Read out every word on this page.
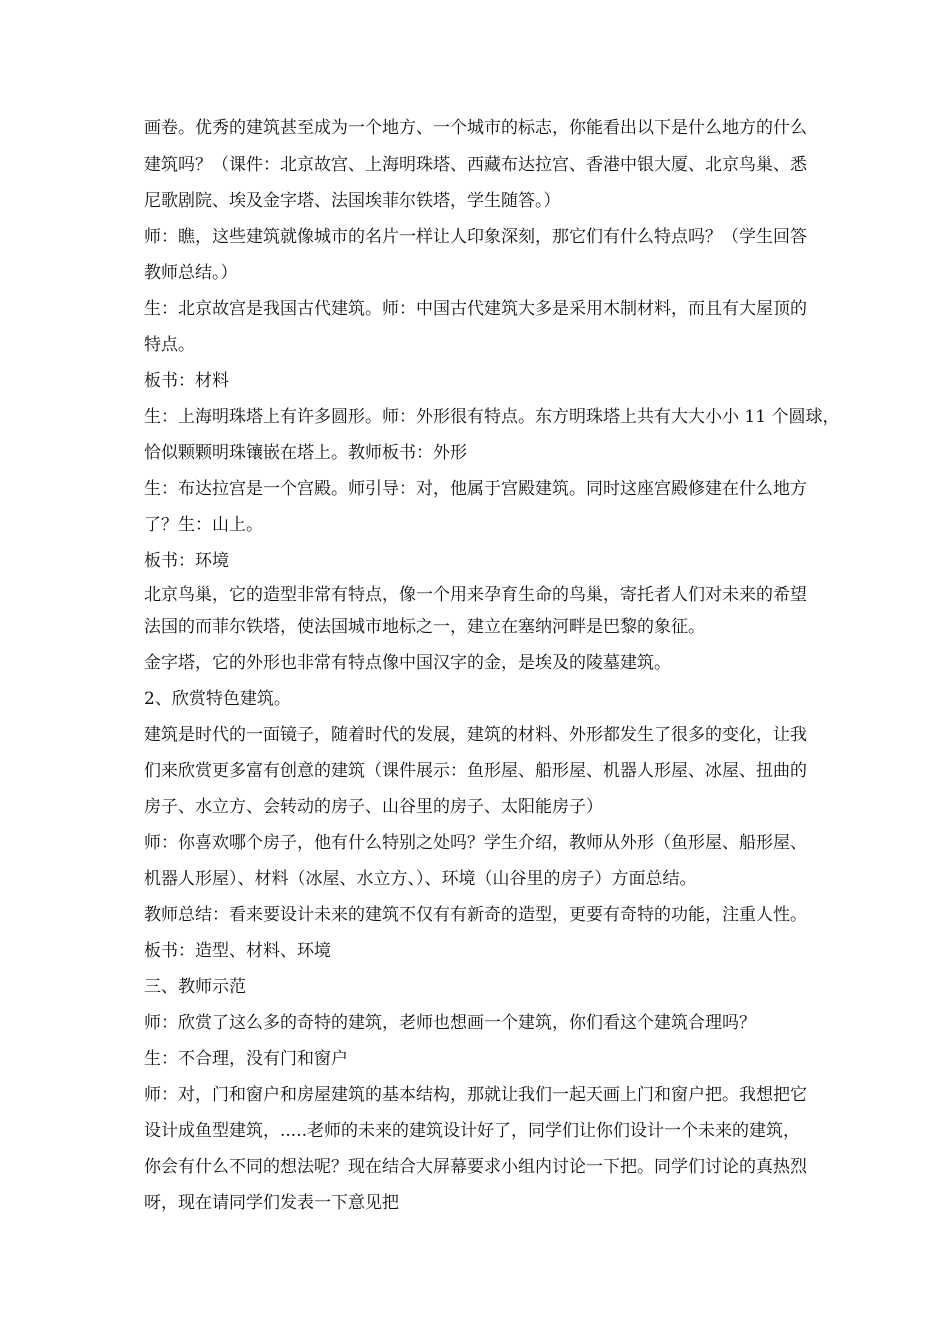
画卷。优秀的建筑甚至成为一个地方、一个城市的标志，你能看出以下是什么地方的什么
建筑吗？（课件：北京故宫、上海明珠塔、西藏布达拉宫、香港中银大厦、北京鸟巢、悉
尼歌剧院、埃及金字塔、法国埃菲尔铁塔，学生随答。）
师：瞧，这些建筑就像城市的名片一样让人印象深刻，那它们有什么特点吗？（学生回答
教师总结。）
生：北京故宫是我国古代建筑。师：中国古代建筑大多是采用木制材料，而且有大屋顶的
特点。
板书：材料
生：上海明珠塔上有许多圆形。师：外形很有特点。东方明珠塔上共有大大小小 11 个圆球，
恰似颗颗明珠镶嵌在塔上。教师板书：外形
生：布达拉宫是一个宫殿。师引导：对，他属于宫殿建筑。同时这座宫殿修建在什么地方
了？生：山上。
板书：环境
北京鸟巢，它的造型非常有特点，像一个用来孕育生命的鸟巢，寄托者人们对未来的希望
法国的而菲尔铁塔，使法国城市地标之一，建立在塞纳河畔是巴黎的象征。
金字塔，它的外形也非常有特点像中国汉字的金，是埃及的陵墓建筑。
2、欣赏特色建筑。
建筑是时代的一面镜子，随着时代的发展，建筑的材料、外形都发生了很多的变化，让我
们来欣赏更多富有创意的建筑（课件展示：鱼形屋、船形屋、机器人形屋、冰屋、扭曲的
房子、水立方、会转动的房子、山谷里的房子、太阳能房子）
师：你喜欢哪个房子，他有什么特别之处吗？学生介绍，教师从外形（鱼形屋、船形屋、
机器人形屋）、材料（冰屋、水立方、）、环境（山谷里的房子）方面总结。
教师总结：看来要设计未来的建筑不仅有有新奇的造型，更要有奇特的功能，注重人性。
板书：造型、材料、环境
三、教师示范
师：欣赏了这么多的奇特的建筑，老师也想画一个建筑，你们看这个建筑合理吗？
生：不合理，没有门和窗户
师：对，门和窗户和房屋建筑的基本结构，那就让我们一起天画上门和窗户把。我想把它
设计成鱼型建筑，.....老师的未来的建筑设计好了，同学们让你们设计一个未来的建筑，
你会有什么不同的想法呢？现在结合大屏幕要求小组内讨论一下把。同学们讨论的真热烈
呀，现在请同学们发表一下意见把
